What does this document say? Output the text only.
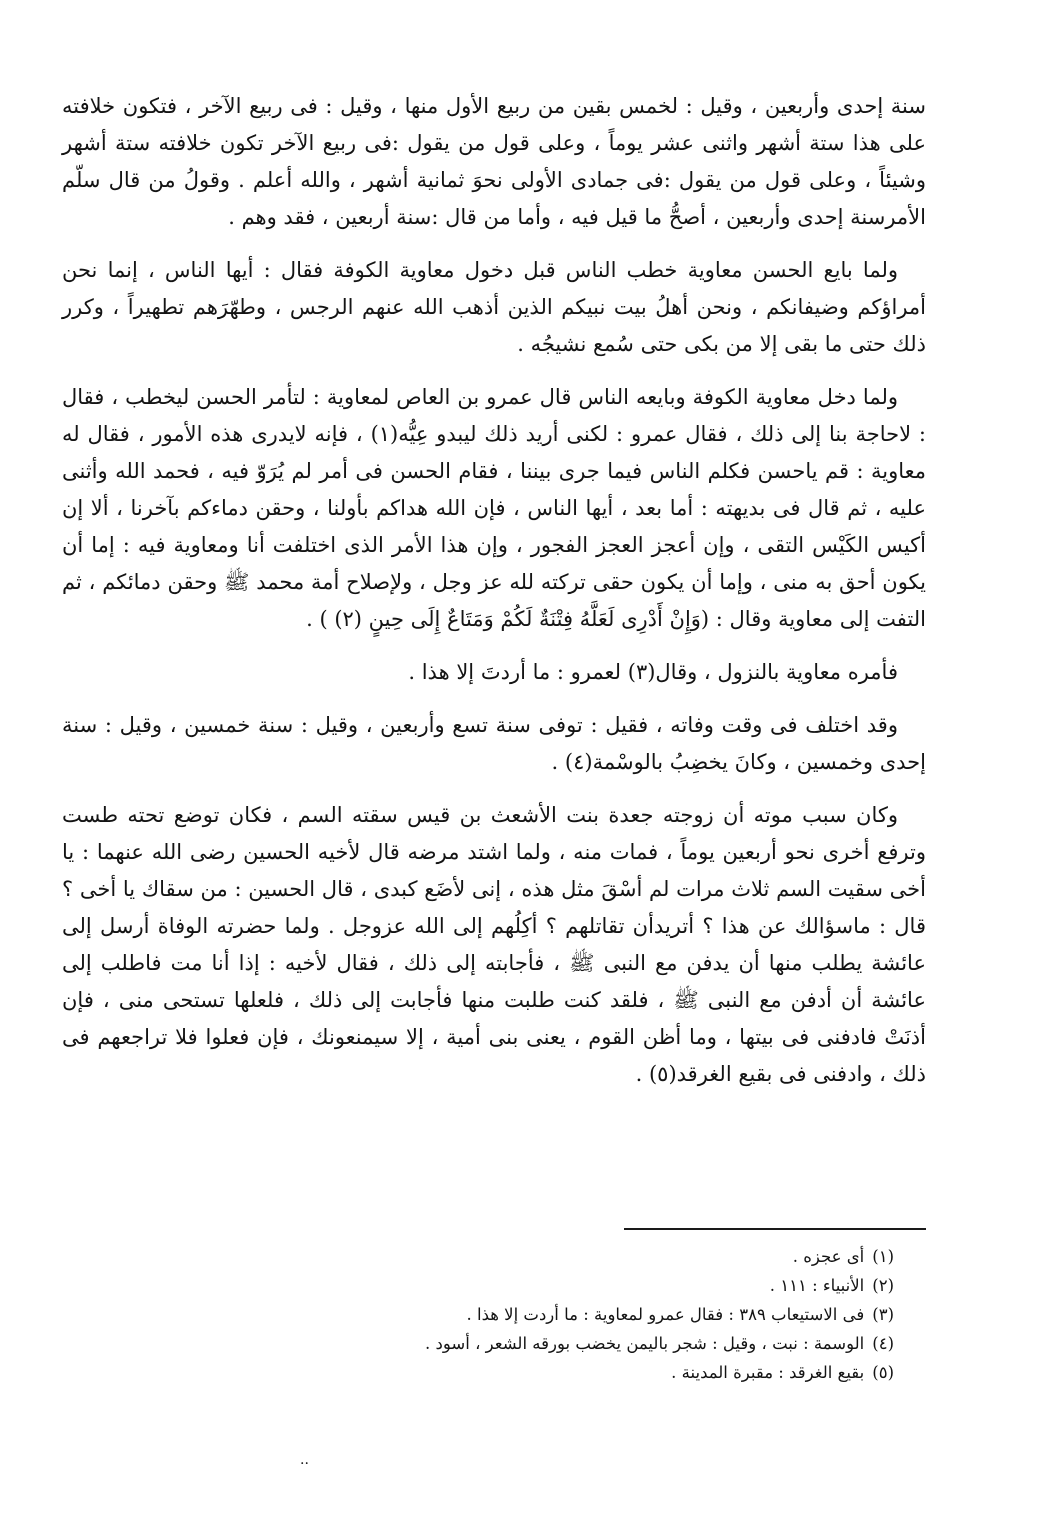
سنة إحدى وأربعين ، وقيل : لخمس بقين من ربيع الأول منها ، وقيل : فى ربيع الآخر ، فتكون خلافته على هذا ستة أشهر واثنى عشر يوماً ، وعلى قول من يقول :فى ربيع الآخر تكون خلافته ستة أشهر وشيئاً ، وعلى قول من يقول :فى جمادى الأولى نحوَ ثمانية أشهر ، والله أعلم . وقولُ من قال سلّم الأمرسنة إحدى وأربعين ، أصحُّ ما قيل فيه ، وأما من قال :سنة أربعين ، فقد وهم .

ولما بايع الحسن معاوية خطب الناس قبل دخول معاوية الكوفة فقال : أيها الناس ، إنما نحن أمراؤكم وضيفانكم ، ونحن أهلُ بيت نبيكم الذين أذهب الله عنهم الرجس ، وطهّرَهم تطهيراً ، وكرر ذلك حتى ما بقى إلا من بكى حتى سُمع نشيجُه .

ولما دخل معاوية الكوفة وبايعه الناس قال عمرو بن العاص لمعاوية : لتأمر الحسن ليخطب ، فقال : لاحاجة بنا إلى ذلك ، فقال عمرو : لكنى أريد ذلك ليبدو عِيُّه(١) ، فإنه لايدرى هذه الأمور ، فقال له معاوية : قم ياحسن فكلم الناس فيما جرى بيننا ، فقام الحسن فى أمر لم يُرَوّ فيه ، فحمد الله وأثنى عليه ، ثم قال فى بديهته : أما بعد ، أيها الناس ، فإن الله هداكم بأولنا ، وحقن دماءكم بآخرنا ، ألا إن أكيس الكَيْس التقى ، وإن أعجز العجز الفجور ، وإن هذا الأمر الذى اختلفت أنا ومعاوية فيه : إما أن يكون أحق به منى ، وإما أن يكون حقى تركته لله عز وجل ، ولإصلاح أمة محمد ﷺ وحقن دمائكم ، ثم التفت إلى معاوية وقال : (وَإِنْ أَدْرِى لَعَلَّهُ فِتْنَةٌ لَكُمْ وَمَتَاعٌ إِلَى حِينٍ (٢) ) .

فأمره معاوية بالنزول ، وقال(٣) لعمرو : ما أردتَ إلا هذا .

وقد اختلف فى وقت وفاته ، فقيل : توفى سنة تسع وأربعين ، وقيل : سنة خمسين ، وقيل : سنة إحدى وخمسين ، وكانَ يخضِبُ بالوسْمة(٤) .

وكان سبب موته أن زوجته جعدة بنت الأشعث بن قيس سقته السم ، فكان توضع تحته طست وترفع أخرى نحو أربعين يوماً ، فمات منه ، ولما اشتد مرضه قال لأخيه الحسين رضى الله عنهما : يا أخى سقيت السم ثلاث مرات لم أسْقَ مثل هذه ، إنى لأضَع كبدى ، قال الحسين : من سقاك يا أخى ؟ قال : ماسؤالك عن هذا ؟ أتريدأن تقاتلهم ؟ أكِلُهم إلى الله عزوجل . ولما حضرته الوفاة أرسل إلى عائشة يطلب منها أن يدفن مع النبى ﷺ ، فأجابته إلى ذلك ، فقال لأخيه : إذا أنا مت فاطلب إلى عائشة أن أدفن مع النبى ﷺ ، فلقد كنت طلبت منها فأجابت إلى ذلك ، فلعلها تستحى منى ، فإن أذنَتْ فادفنى فى بيتها ، وما أظن القوم ، يعنى بنى أمية ، إلا سيمنعونك ، فإن فعلوا فلا تراجعهم فى ذلك ، وادفنى فى بقيع الغرقد(٥) .

(١)أى عجزه .

(٢)الأنبياء : ١١١ .

(٣)فى الاستيعاب ٣٨٩ : فقال عمرو لمعاوية : ما أردت إلا هذا .

(٤)الوسمة : نبت ، وقيل : شجر باليمن يخضب بورقه الشعر ، أسود .

(٥)بقيع الغرقد : مقبرة المدينة .

..
